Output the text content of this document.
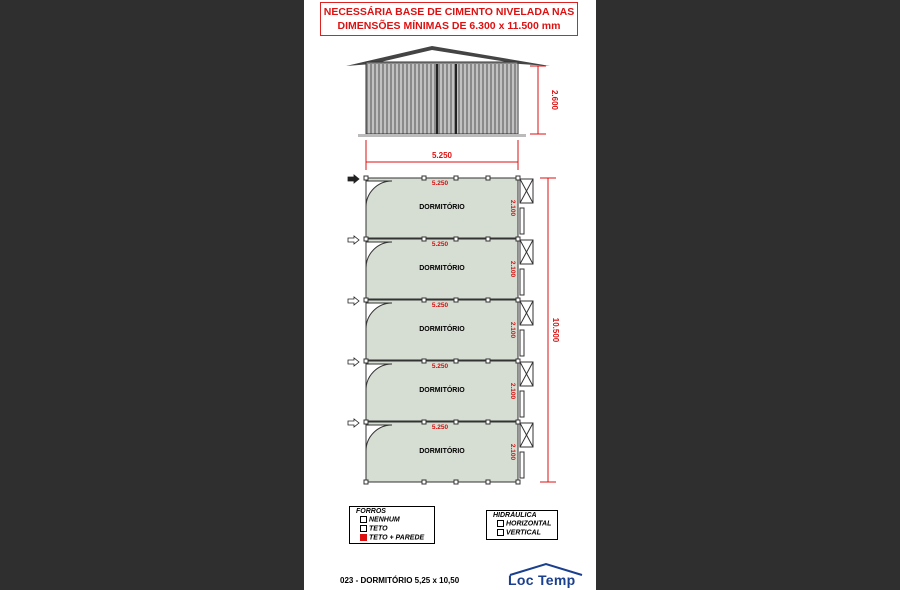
NECESSÁRIA BASE DE CIMENTO NIVELADA NAS
DIMENSÕES MÍNIMAS DE 6.300 x 11.500 mm
2.600
5.250
5.250
DORMITÓRIO	2.100
5.250
DORMITÓRIO	2.100
5.250
DORMITÓRIO	2.100
5.250
DORMITÓRIO	2.100
5.250
DORMITÓRIO	2.100
10.500
FORROS
NENHUM
TETO
TETO + PAREDE
HIDRÁULICA
HORIZONTAL
VERTICAL
023 - DORMITÓRIO 5,25 x 10,50	Loc Temp
